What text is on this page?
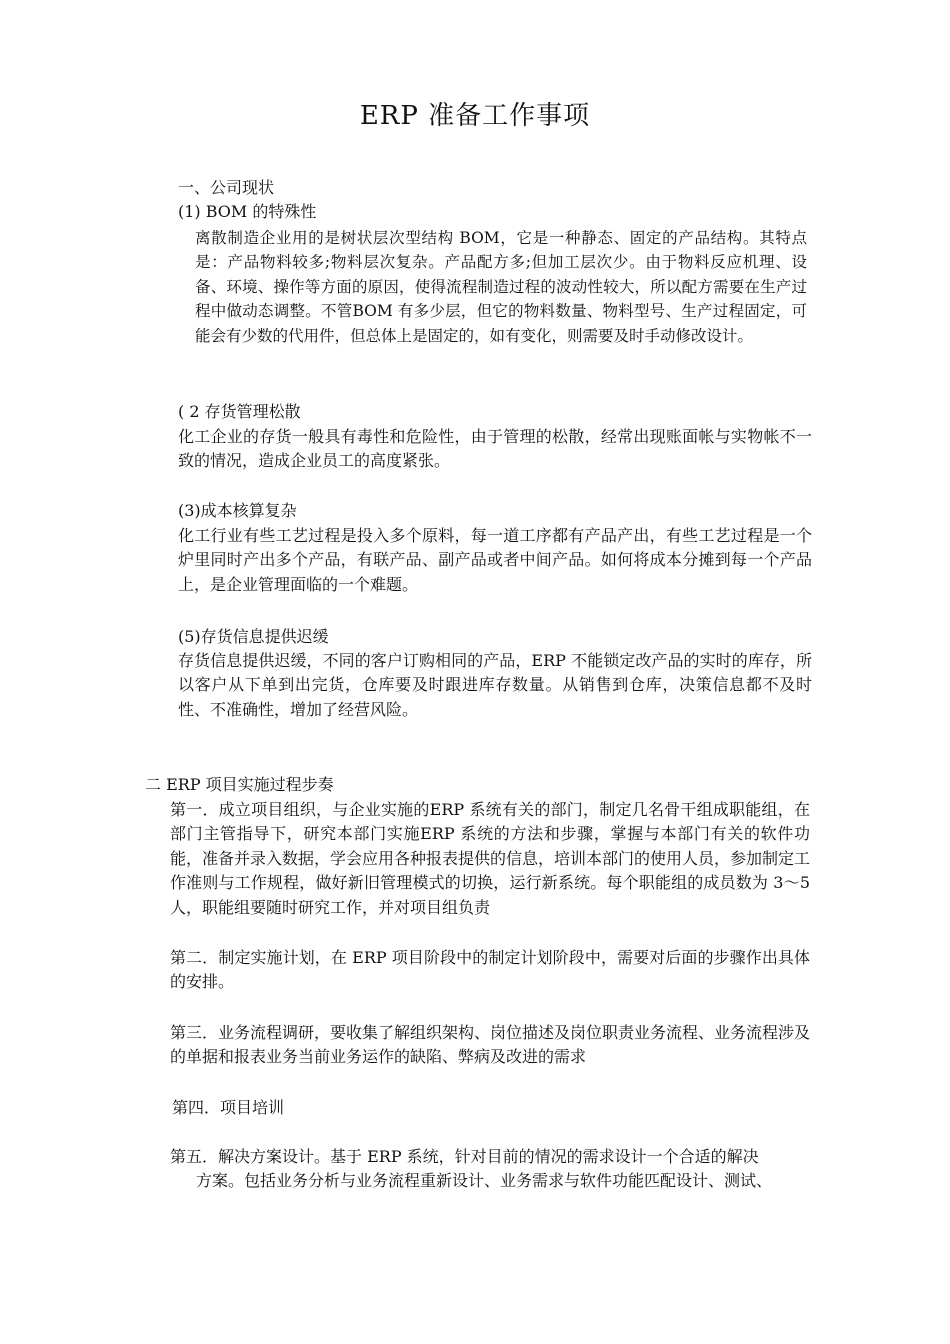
ERP 准备工作事项
一、公司现状
(1) BOM 的特殊性
离散制造企业用的是树状层次型结构 BOM，它是一种静态、固定的产品结构。其特点是：产品物料较多;物料层次复杂。产品配方多;但加工层次少。由于物料反应机理、设备、环境、操作等方面的原因，使得流程制造过程的波动性较大，所以配方需要在生产过程中做动态调整。不管BOM 有多少层，但它的物料数量、物料型号、生产过程固定，可能会有少数的代用件，但总体上是固定的，如有变化，则需要及时手动修改设计。
( 2 存货管理松散
化工企业的存货一般具有毒性和危险性，由于管理的松散，经常出现账面帐与实物帐不一致的情况，造成企业员工的高度紧张。
(3)成本核算复杂
化工行业有些工艺过程是投入多个原料，每一道工序都有产品产出，有些工艺过程是一个炉里同时产出多个产品，有联产品、副产品或者中间产品。如何将成本分摊到每一个产品上，是企业管理面临的一个难题。
(5)存货信息提供迟缓
存货信息提供迟缓，不同的客户订购相同的产品，ERP 不能锁定改产品的实时的库存，所以客户从下单到出完货，仓库要及时跟进库存数量。从销售到仓库，决策信息都不及时性、不准确性，增加了经营风险。
二 ERP 项目实施过程步奏
第一．成立项目组织，与企业实施的ERP 系统有关的部门，制定几名骨干组成职能组，在部门主管指导下，研究本部门实施ERP 系统的方法和步骤，掌握与本部门有关的软件功能，准备并录入数据，学会应用各种报表提供的信息，培训本部门的使用人员，参加制定工作准则与工作规程，做好新旧管理模式的切换，运行新系统。每个职能组的成员数为 3～5 人，职能组要随时研究工作，并对项目组负责
第二．制定实施计划，在 ERP 项目阶段中的制定计划阶段中，需要对后面的步骤作出具体的安排。
第三．业务流程调研，要收集了解组织架构、岗位描述及岗位职责业务流程、业务流程涉及的单据和报表业务当前业务运作的缺陷、弊病及改进的需求
第四．项目培训
第五．解决方案设计。基于 ERP 系统，针对目前的情况的需求设计一个合适的解决
方案。包括业务分析与业务流程重新设计、业务需求与软件功能匹配设计、测试、
